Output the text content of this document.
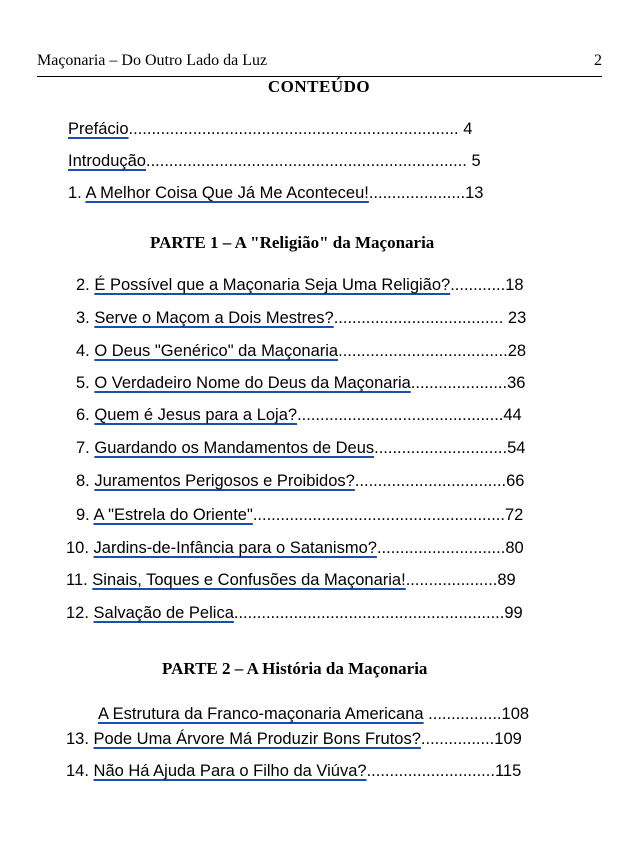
Maçonaria – Do Outro Lado da Luz	2
CONTEÚDO
Prefácio........................................................................ 4
Introdução...................................................................... 5
1. A Melhor Coisa Que Já Me Aconteceu!.....................13
PARTE 1 – A "Religião" da Maçonaria
2. É Possível que a Maçonaria Seja Uma Religião?............18
3. Serve o Maçom a Dois Mestres?..................................... 23
4. O Deus "Genérico" da Maçonaria.....................................28
5. O Verdadeiro Nome do Deus da Maçonaria.....................36
6. Quem é Jesus para a Loja?.............................................44
7. Guardando os Mandamentos de Deus.............................54
8. Juramentos Perigosos e Proibidos?.................................66
9. A "Estrela do Oriente".......................................................72
10. Jardins-de-Infância para o Satanismo?............................80
11. Sinais, Toques e Confusões da Maçonaria!....................89
12. Salvação de Pelica...........................................................99
PARTE 2 – A História da Maçonaria
A Estrutura da Franco-maçonaria Americana ................108
13. Pode Uma Árvore Má Produzir Bons Frutos?................109
14. Não Há Ajuda Para o Filho da Viúva?............................115
